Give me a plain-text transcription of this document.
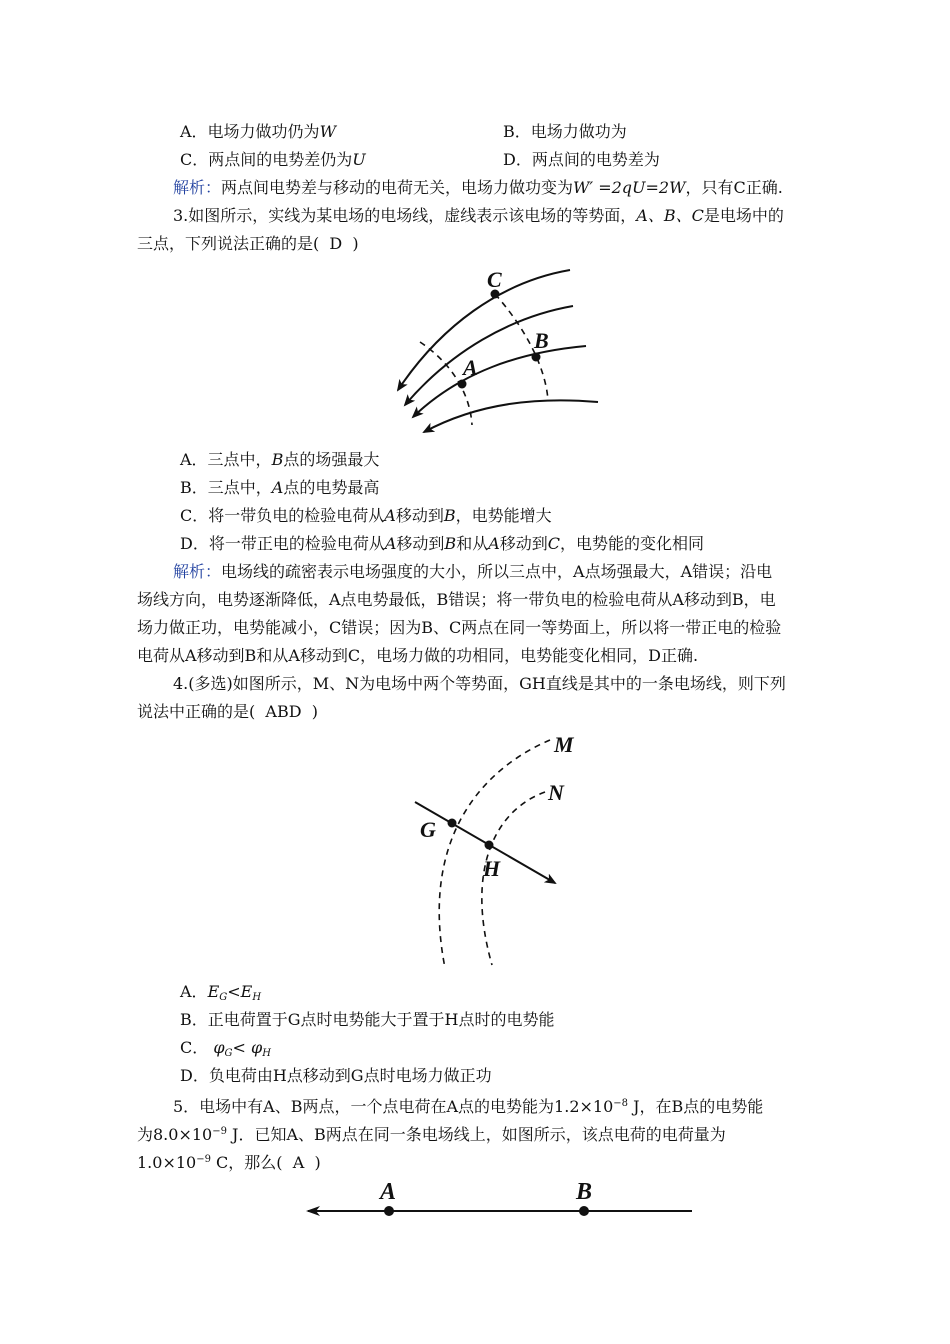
A．电场力做功仍为W	B．电场力做功为
C．两点间的电势差仍为U	D．两点间的电势差为
解析：两点间电势差与移动的电荷无关，电场力做功变为W′ =2qU=2W，只有C正确.
3.如图所示，实线为某电场的电场线，虚线表示该电场的等势面，A、B、C是电场中的
三点，下列说法正确的是( D )
C
B
A
A．三点中，B点的场强最大
B．三点中，A点的电势最高
C．将一带负电的检验电荷从A移动到B，电势能增大
D．将一带正电的检验电荷从A移动到B和从A移动到C，电势能的变化相同
解析：电场线的疏密表示电场强度的大小，所以三点中，A点场强最大，A错误；沿电
场线方向，电势逐渐降低，A点电势最低，B错误；将一带负电的检验电荷从A移动到B，电
场力做正功，电势能减小，C错误；因为B、C两点在同一等势面上，所以将一带正电的检验
电荷从A移动到B和从A移动到C，电场力做的功相同，电势能变化相同，D正确.
4.(多选)如图所示，M、N为电场中两个等势面，GH直线是其中的一条电场线，则下列
说法中正确的是( ABD )
M
N
G
H
A．$E_G<E_H$
B．正电荷置于G点时电势能大于置于H点时的电势能
C． $\varphi_G< \varphi_H$
D．负电荷由H点移动到G点时电场力做正功
5．电场中有A、B两点，一个点电荷在A点的电势能为$1.2\times 10^{-8}$ J，在B点的电势能
为$8.0\times 10^{-9}$ J．已知A、B两点在同一条电场线上，如图所示，该点电荷的电荷量为
$1.0\times 10^{-9}$ C，那么( A )
A	B
